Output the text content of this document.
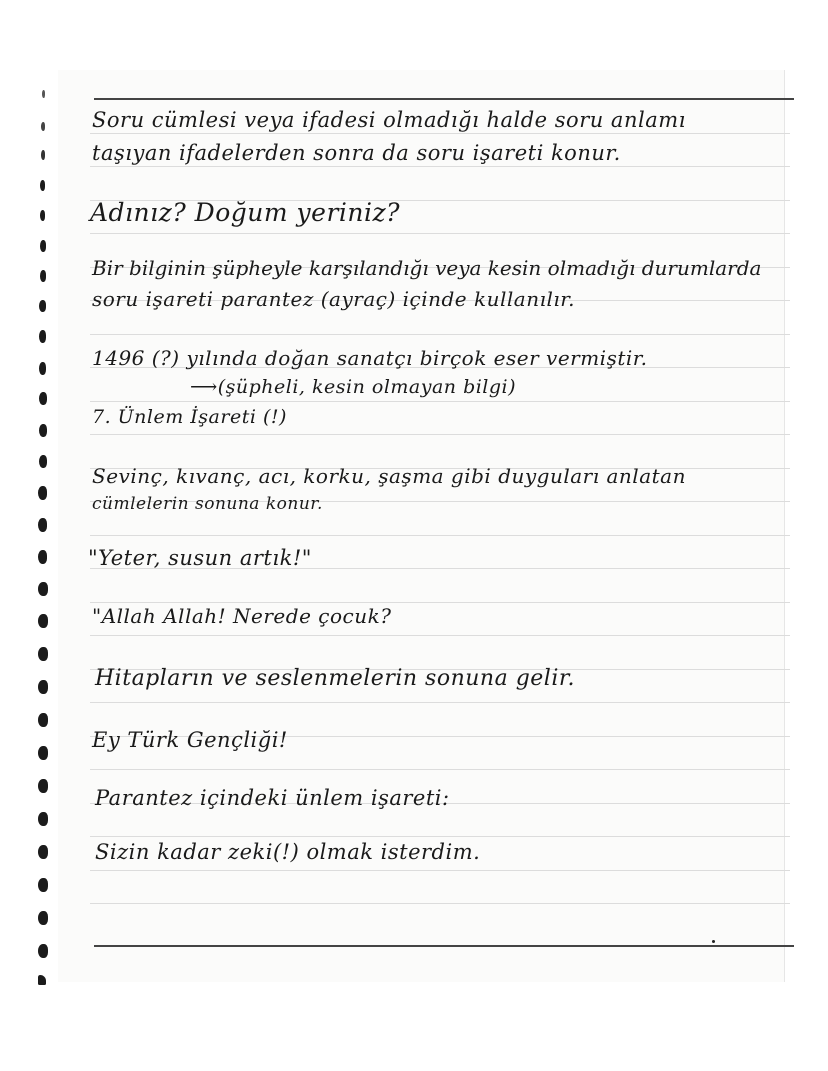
Soru cümlesi veya ifadesi olmadığı halde soru anlamı
taşıyan ifadelerden sonra da soru işareti konur.
Adınız? Doğum yeriniz?
Bir bilginin şüpheyle karşılandığı veya kesin olmadığı durumlarda
soru işareti parantez (ayraç) içinde kullanılır.
1496 (?) yılında doğan sanatçı birçok eser vermiştir.
⟶(şüpheli, kesin olmayan bilgi)
7. Ünlem İşareti (!)
Sevinç, kıvanç, acı, korku, şaşma gibi duyguları anlatan
cümlelerin sonuna konur.
"Yeter, susun artık!"
"Allah Allah! Nerede çocuk?
Hitapların ve seslenmelerin sonuna gelir.
Ey Türk Gençliği!
Parantez içindeki ünlem işareti:
Sizin kadar zeki(!) olmak isterdim.
